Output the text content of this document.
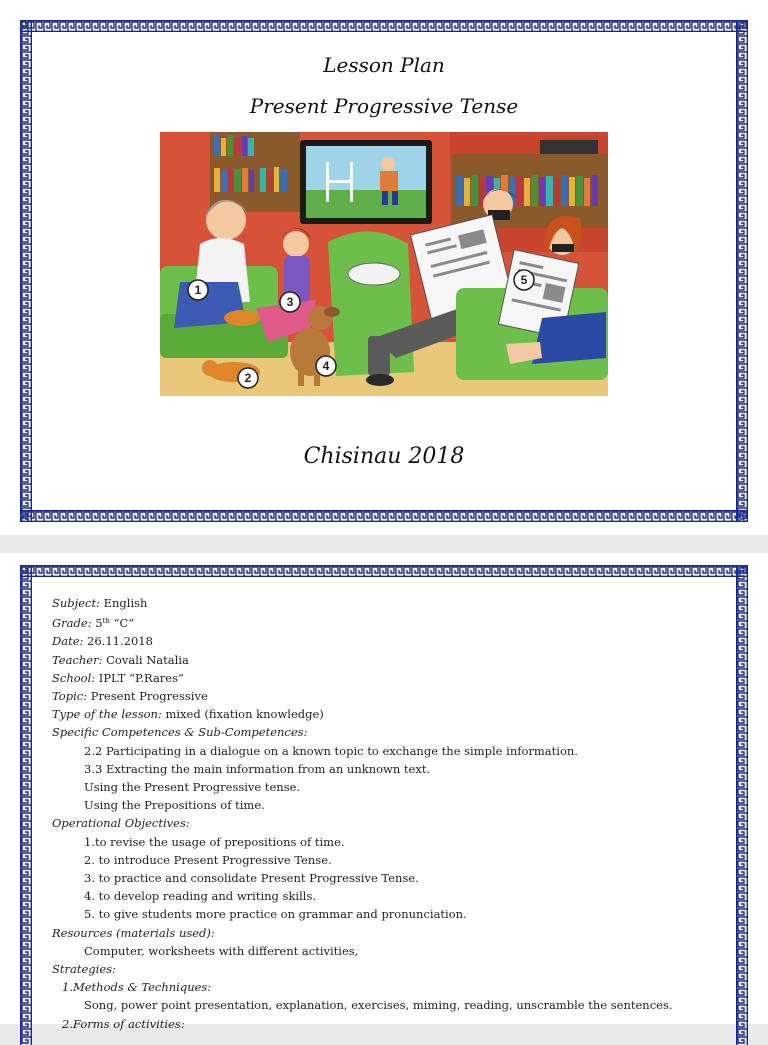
Lesson Plan
Present Progressive Tense
1
2
3
4
5
Chisinau 2018
Subject: English
Grade: 5th “C”
Date: 26.11.2018
Teacher: Covali Natalia
School: IPLT “P.Rares”
Topic: Present Progressive
Type of the lesson: mixed (fixation knowledge)
Specific Competences & Sub-Competences:
2.2 Participating in a dialogue on a known topic to exchange the simple information.
3.3 Extracting the main information from an unknown text.
Using the Present Progressive tense.
Using the Prepositions of time.
Operational Objectives:
1.to revise the usage of prepositions of time.
2. to introduce Present Progressive Tense.
3. to practice and consolidate Present Progressive Tense.
4. to develop reading and writing skills.
5. to give students more practice on grammar and pronunciation.
Resources (materials used):
Computer, worksheets with different activities,
Strategies:
1.Methods & Techniques:
Song, power point presentation, explanation, exercises, miming, reading, unscramble the sentences.
2.Forms of activities:
